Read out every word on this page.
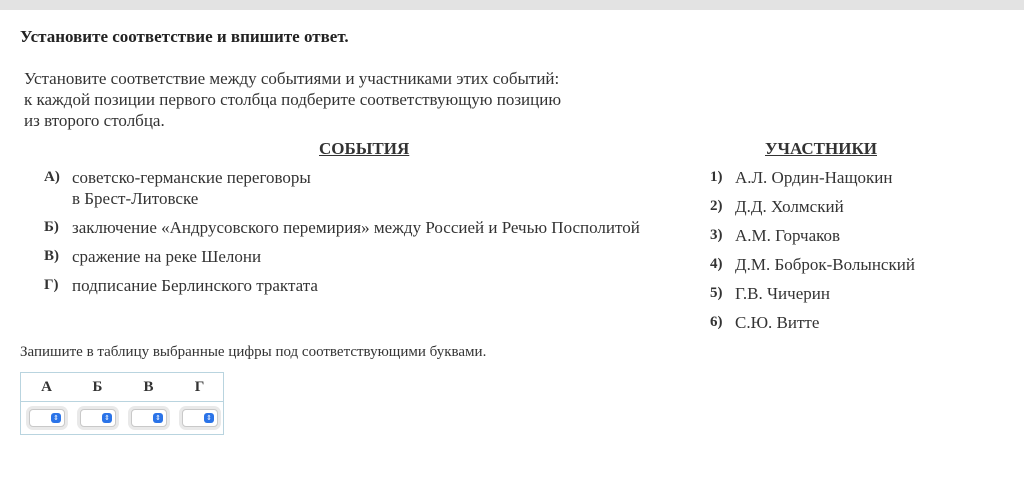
Установите соответствие и впишите ответ.
Установите соответствие между событиями и участниками этих событий:
к каждой позиции первого столбца подберите соответствующую позицию
из второго столбца.
СОБЫТИЯ	УЧАСТНИКИ
А) советско-германские переговоры
в Брест-Литовске
Б) заключение «Андрусовского перемирия» между Россией и Речью Посполитой
В) сражение на реке Шелони
Г) подписание Берлинского трактата
1) А.Л. Ордин-Нащокин
2) Д.Д. Холмский
3) А.М. Горчаков
4) Д.М. Боброк-Волынский
5) Г.В. Чичерин
6) С.Ю. Витте
Запишите в таблицу выбранные цифры под соответствующими буквами.
А	Б	В	Г
⇕	⇕	⇕	⇕
